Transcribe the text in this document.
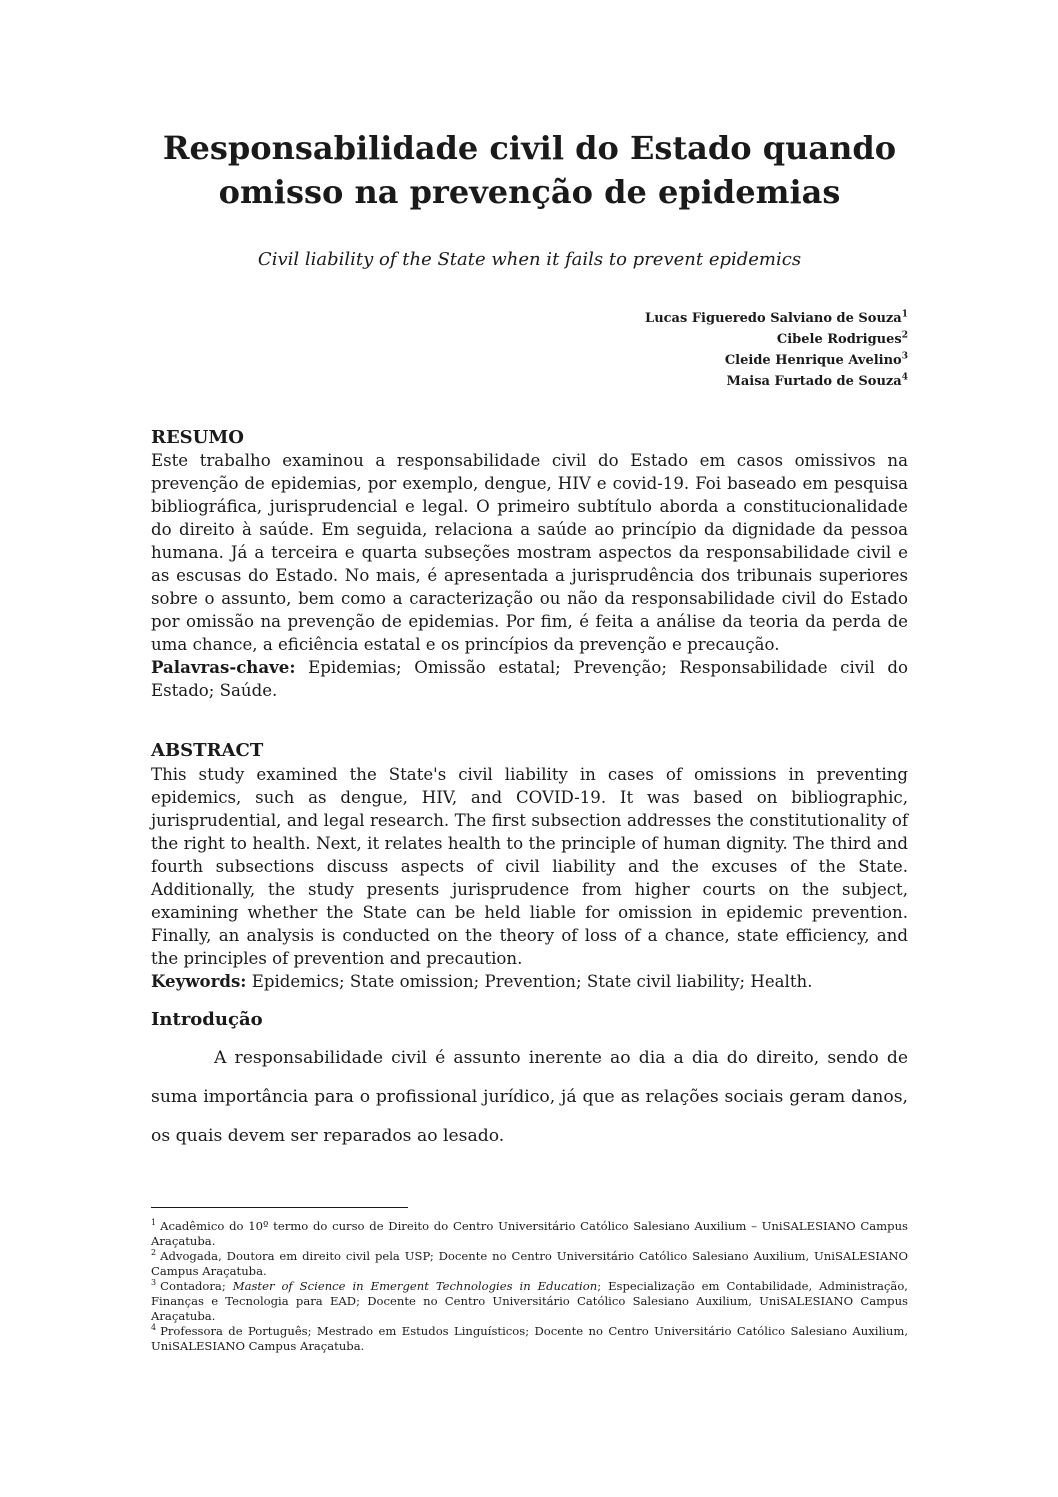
Responsabilidade civil do Estado quando
omisso na prevenção de epidemias
Civil liability of the State when it fails to prevent epidemics
Lucas Figueredo Salviano de Souza$^1$
Cibele Rodrigues$^2$
Cleide Henrique Avelino$^3$
Maisa Furtado de Souza$^4$
RESUMO

Este trabalho examinou a responsabilidade civil do Estado em casos omissivos na prevenção de epidemias, por exemplo, dengue, HIV e covid-19. Foi baseado em pesquisa bibliográfica, jurisprudencial e legal. O primeiro subtítulo aborda a constitucionalidade do direito à saúde. Em seguida, relaciona a saúde ao princípio da dignidade da pessoa humana. Já a terceira e quarta subseções mostram aspectos da responsabilidade civil e as escusas do Estado. No mais, é apresentada a jurisprudência dos tribunais superiores sobre o assunto, bem como a caracterização ou não da responsabilidade civil do Estado por omissão na prevenção de epidemias. Por fim, é feita a análise da teoria da perda de uma chance, a eficiência estatal e os princípios da prevenção e precaução.

Palavras-chave: Epidemias; Omissão estatal; Prevenção; Responsabilidade civil do Estado; Saúde.

ABSTRACT

This study examined the State's civil liability in cases of omissions in preventing epidemics, such as dengue, HIV, and COVID-19. It was based on bibliographic, jurisprudential, and legal research. The first subsection addresses the constitutionality of the right to health. Next, it relates health to the principle of human dignity. The third and fourth subsections discuss aspects of civil liability and the excuses of the State. Additionally, the study presents jurisprudence from higher courts on the subject, examining whether the State can be held liable for omission in epidemic prevention. Finally, an analysis is conducted on the theory of loss of a chance, state efficiency, and the principles of prevention and precaution.

Keywords: Epidemics; State omission; Prevention; State civil liability; Health.

Introdução

A responsabilidade civil é assunto inerente ao dia a dia do direito, sendo de suma importância para o profissional jurídico, já que as relações sociais geram danos, os quais devem ser reparados ao lesado.

$^1$ Acadêmico do 10º termo do curso de Direito do Centro Universitário Católico Salesiano Auxilium – UniSALESIANO Campus Araçatuba.

$^2$ Advogada, Doutora em direito civil pela USP; Docente no Centro Universitário Católico Salesiano Auxilium, UniSALESIANO Campus Araçatuba.

$^3$ Contadora; Master of Science in Emergent Technologies in Education; Especialização em Contabilidade, Administração, Finanças e Tecnologia para EAD; Docente no Centro Universitário Católico Salesiano Auxilium, UniSALESIANO Campus Araçatuba.

$^4$ Professora de Português; Mestrado em Estudos Linguísticos; Docente no Centro Universitário Católico Salesiano Auxilium, UniSALESIANO Campus Araçatuba.
